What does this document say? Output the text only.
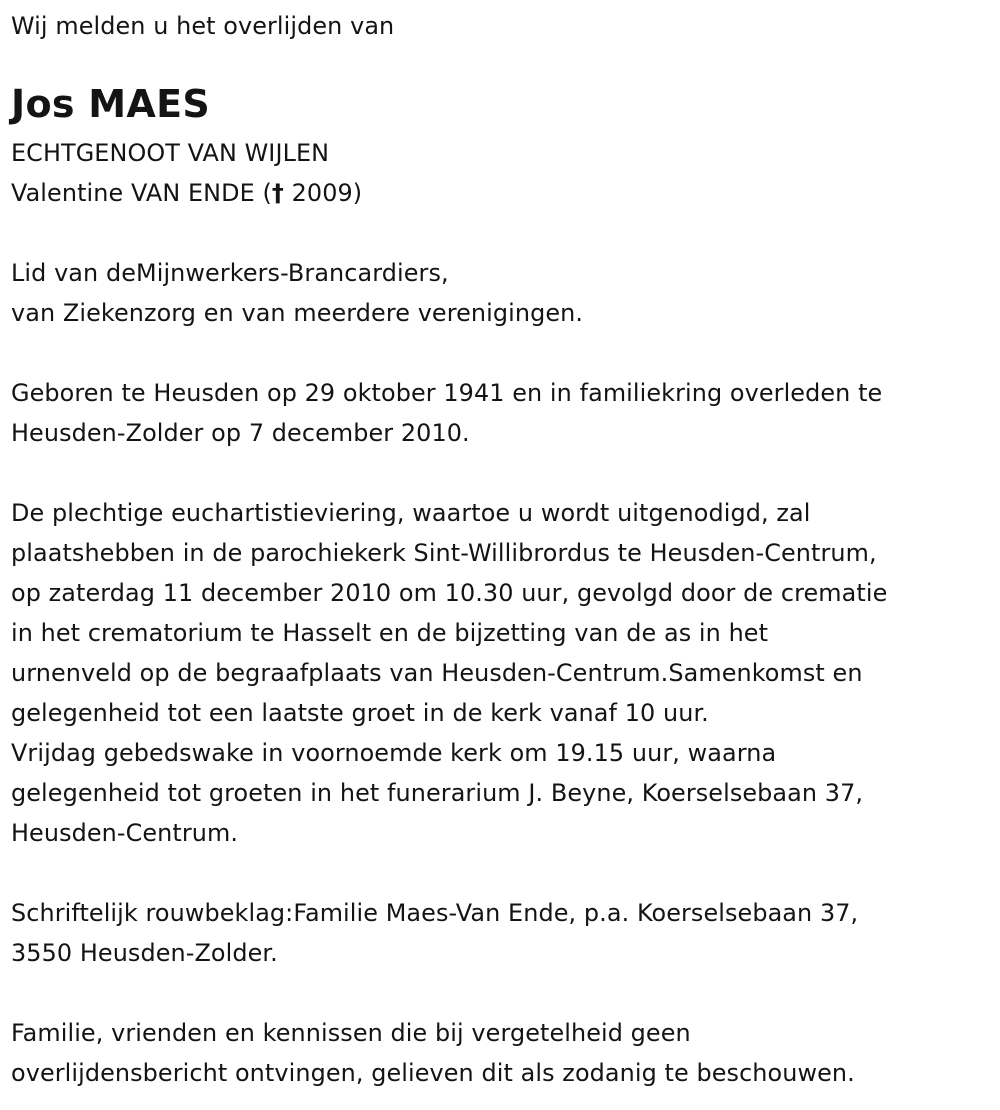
Wij melden u het overlijden van
Jos MAES
ECHTGENOOT VAN WIJLEN
Valentine VAN ENDE († 2009)
Lid van deMijnwerkers-Brancardiers,
van Ziekenzorg en van meerdere verenigingen.
Geboren te Heusden op 29 oktober 1941 en in familiekring overleden te
Heusden-Zolder op 7 december 2010.
De plechtige euchartistieviering, waartoe u wordt uitgenodigd, zal
plaatshebben in de parochiekerk Sint-Willibrordus te Heusden-Centrum,
op zaterdag 11 december 2010 om 10.30 uur, gevolgd door de crematie
in het crematorium te Hasselt en de bijzetting van de as in het
urnenveld op de begraafplaats van Heusden-Centrum.Samenkomst en
gelegenheid tot een laatste groet in de kerk vanaf 10 uur.
Vrijdag gebedswake in voornoemde kerk om 19.15 uur, waarna
gelegenheid tot groeten in het funerarium J. Beyne, Koerselsebaan 37,
Heusden-Centrum.
Schriftelijk rouwbeklag:Familie Maes-Van Ende, p.a. Koerselsebaan 37,
3550 Heusden-Zolder.
Familie, vrienden en kennissen die bij vergetelheid geen
overlijdensbericht ontvingen, gelieven dit als zodanig te beschouwen.
